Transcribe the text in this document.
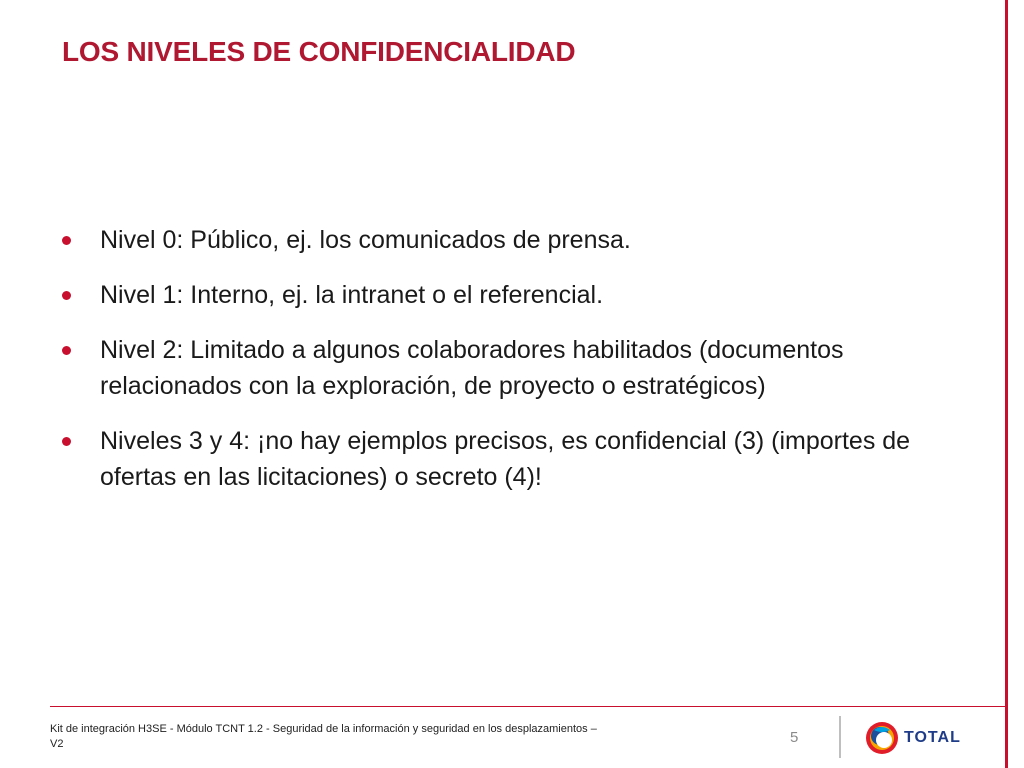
LOS NIVELES DE CONFIDENCIALIDAD
Nivel 0: Público, ej. los comunicados de prensa.
Nivel 1: Interno, ej. la intranet o el referencial.
Nivel 2: Limitado a algunos colaboradores habilitados (documentos relacionados con la exploración, de proyecto o estratégicos)
Niveles 3 y 4: ¡no hay ejemplos precisos, es confidencial (3) (importes de ofertas en las licitaciones) o secreto (4)!
Kit de integración H3SE - Módulo TCNT 1.2 - Seguridad de la información y seguridad en los desplazamientos – V2	5	TOTAL
